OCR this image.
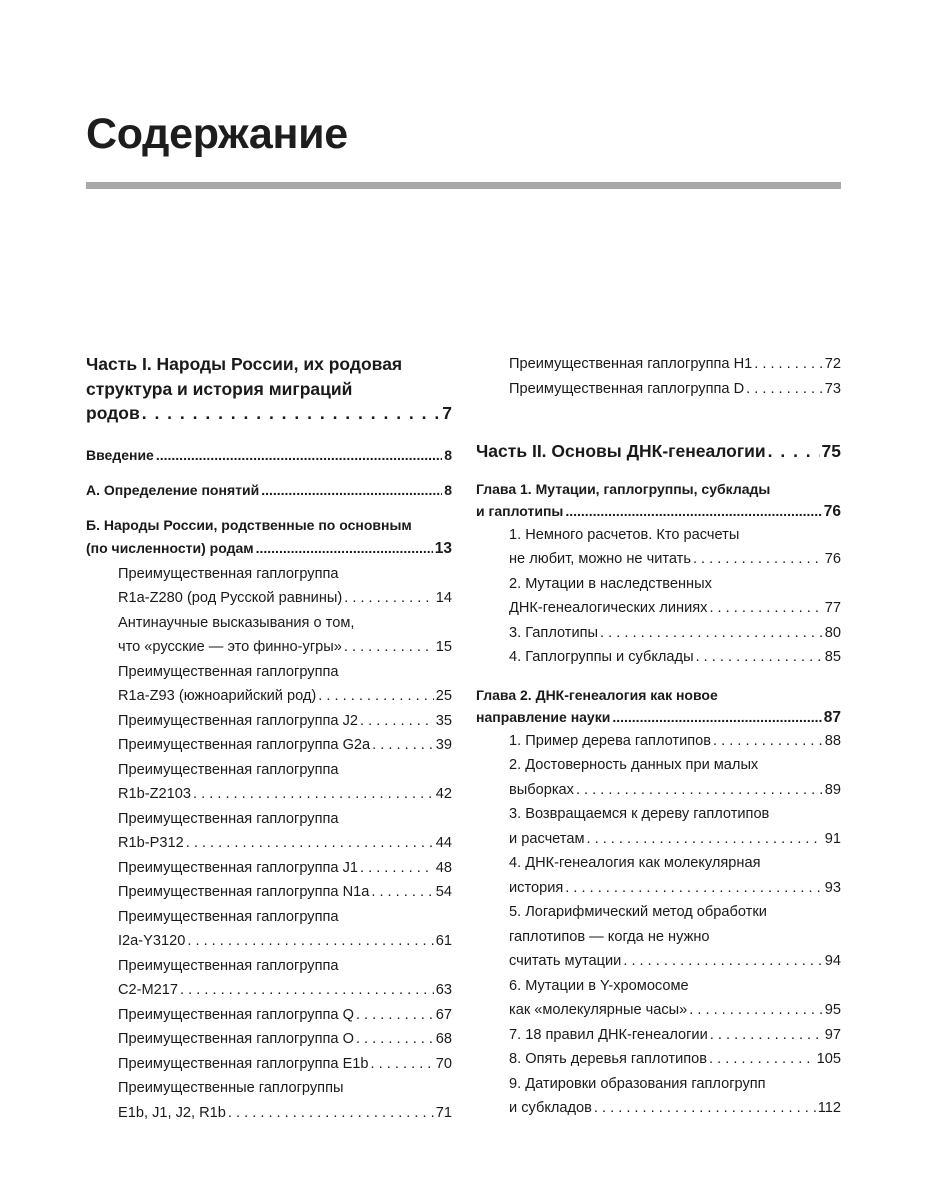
Содержание
Часть I. Народы России, их родовая
структура и история миграций
родов . . .	7
Введение .....	8
А. Определение понятий .....	8
Б. Народы России, родственные по основным
(по численности) родам .....	13
Преимущественная гаплогруппа
R1a-Z280 (род Русской равнины) . . .	14
Антинаучные высказывания о том,
что «русские — это финно-угры» . . .	15
Преимущественная гаплогруппа
R1a-Z93 (южноарийский род) . . .	25
Преимущественная гаплогруппа J2 . . .	35
Преимущественная гаплогруппа G2a . . .	39
Преимущественная гаплогруппа
R1b-Z2103 . . .	42
Преимущественная гаплогруппа
R1b-P312 . . .	44
Преимущественная гаплогруппа J1 . . .	48
Преимущественная гаплогруппа N1a . . .	54
Преимущественная гаплогруппа
I2a-Y3120 . . .	61
Преимущественная гаплогруппа
C2-M217 . . .	63
Преимущественная гаплогруппа Q . . .	67
Преимущественная гаплогруппа O . . .	68
Преимущественная гаплогруппа E1b . . .	70
Преимущественные гаплогруппы
E1b, J1, J2, R1b . . .	71
Преимущественная гаплогруппа H1 . . .	72
Преимущественная гаплогруппа D . . .	73
Часть II. Основы ДНК-генеалогии . . .	75
Глава 1. Мутации, гаплогруппы, субклады
и гаплотипы .....	76
1. Немного расчетов. Кто расчеты
не любит, можно не читать . . .	76
2. Мутации в наследственных
ДНК-генеалогических линиях . . .	77
3. Гаплотипы . . .	80
4. Гаплогруппы и субклады . . .	85
Глава 2. ДНК-генеалогия как новое
направление науки .....	87
1. Пример дерева гаплотипов . . .	88
2. Достоверность данных при малых
выборках . . .	89
3. Возвращаемся к дереву гаплотипов
и расчетам . . .	91
4. ДНК-генеалогия как молекулярная
история . . .	93
5. Логарифмический метод обработки
гаплотипов — когда не нужно
считать мутации . . .	94
6. Мутации в Y-хромосоме
как «молекулярные часы» . . .	95
7. 18 правил ДНК-генеалогии . . .	97
8. Опять деревья гаплотипов . . .	105
9. Датировки образования гаплогрупп
и субкладов . . .	112
